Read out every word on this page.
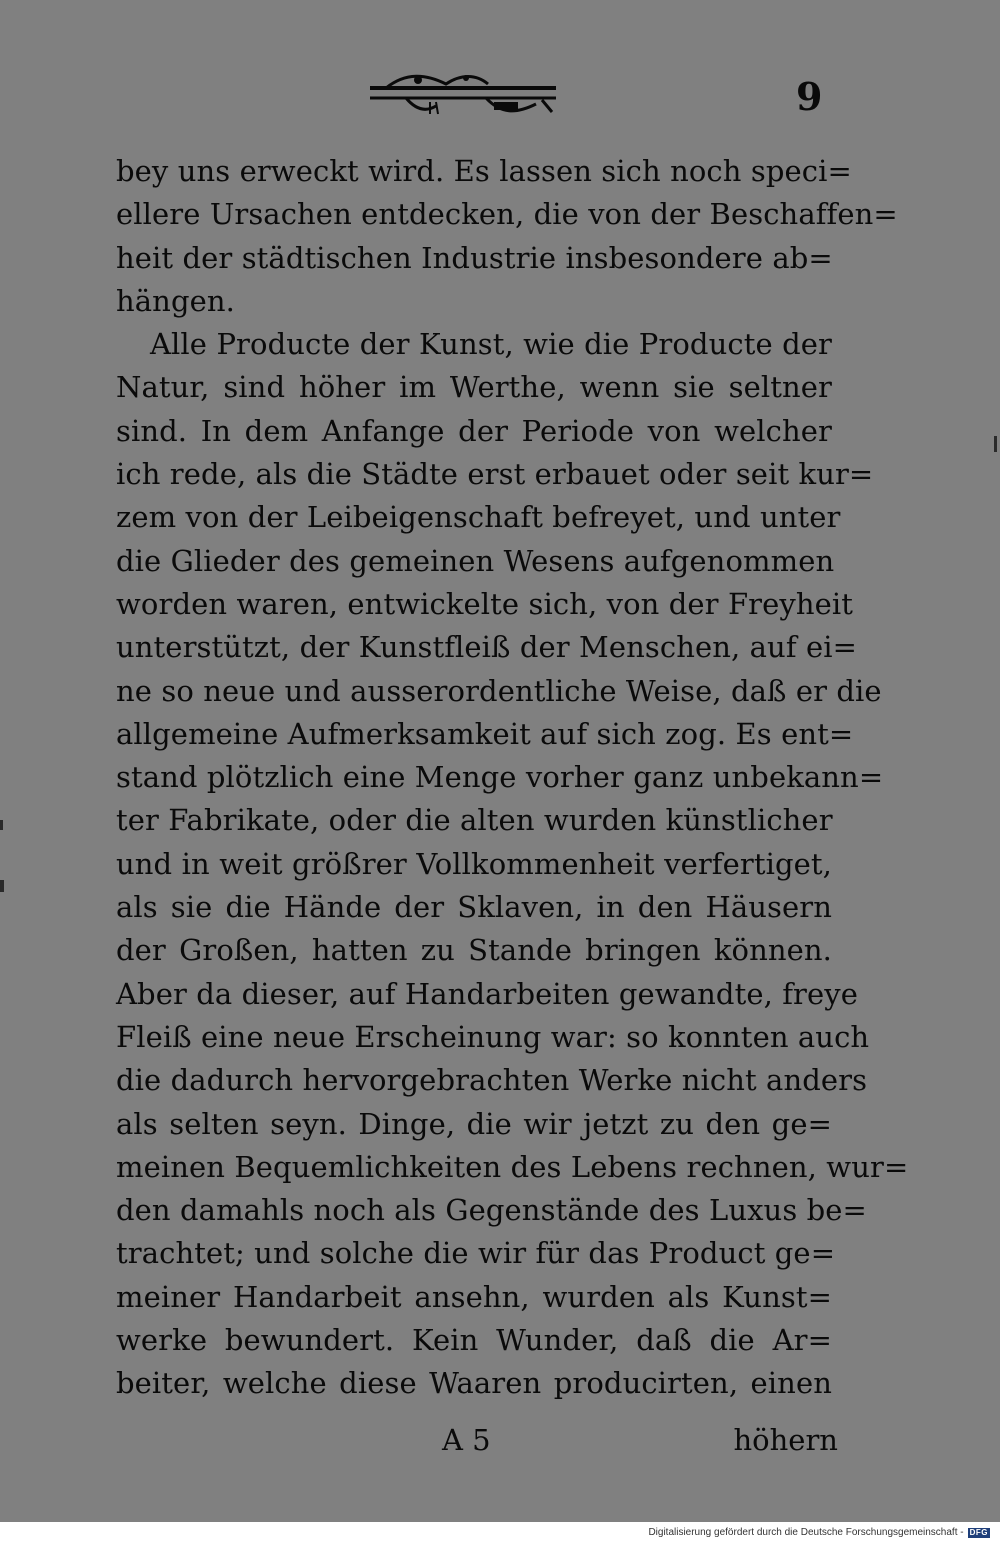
9
bey uns erweckt wird. Es lassen sich noch speci=
ellere Ursachen entdecken, die von der Beschaffen=
heit der städtischen Industrie insbesondere ab=
hängen.
Alle Producte der Kunst, wie die Producte der
Natur, sind höher im Werthe, wenn sie seltner
sind. In dem Anfange der Periode von welcher
ich rede, als die Städte erst erbauet oder seit kur=
zem von der Leibeigenschaft befreyet, und unter
die Glieder des gemeinen Wesens aufgenommen
worden waren, entwickelte sich, von der Freyheit
unterstützt, der Kunstfleiß der Menschen, auf ei=
ne so neue und ausserordentliche Weise, daß er die
allgemeine Aufmerksamkeit auf sich zog. Es ent=
stand plötzlich eine Menge vorher ganz unbekann=
ter Fabrikate, oder die alten wurden künstlicher
und in weit größrer Vollkommenheit verfertiget,
als sie die Hände der Sklaven, in den Häusern
der Großen, hatten zu Stande bringen können.
Aber da dieser, auf Handarbeiten gewandte, freye
Fleiß eine neue Erscheinung war: so konnten auch
die dadurch hervorgebrachten Werke nicht anders
als selten seyn. Dinge, die wir jetzt zu den ge=
meinen Bequemlichkeiten des Lebens rechnen, wur=
den damahls noch als Gegenstände des Luxus be=
trachtet; und solche die wir für das Product ge=
meiner Handarbeit ansehn, wurden als Kunst=
werke bewundert. Kein Wunder, daß die Ar=
beiter, welche diese Waaren producirten, einen
A 5	höhern
Digitalisierung gefördert durch die Deutsche Forschungsgemeinschaft - DFG
